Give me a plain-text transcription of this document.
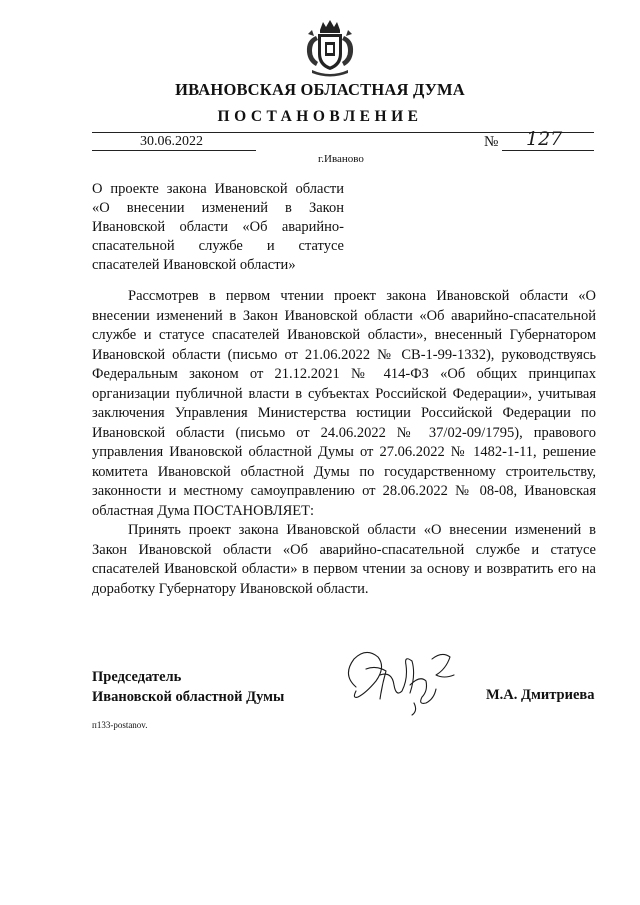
ИВАНОВСКАЯ ОБЛАСТНАЯ ДУМА
ПОСТАНОВЛЕНИЕ
30.06.2022	№ 127
г.Иваново
О проекте закона Ивановской области «О внесении изменений в Закон Ивановской области «Об аварийно-спасательной службе и статусе спасателей Ивановской области»

Рассмотрев в первом чтении проект закона Ивановской области «О внесении изменений в Закон Ивановской области «Об аварийно-спасательной службе и статусе спасателей Ивановской области», внесенный Губернатором Ивановской области (письмо от 21.06.2022 № СВ-1-99-1332), руководствуясь Федеральным законом от 21.12.2021 № 414-ФЗ «Об общих принципах организации публичной власти в субъектах Российской Федерации», учитывая заключения Управления Министерства юстиции Российской Федерации по Ивановской области (письмо от 24.06.2022 № 37/02-09/1795), правового управления Ивановской областной Думы от 27.06.2022 № 1482-1-11, решение комитета Ивановской областной Думы по государственному строительству, законности и местному самоуправлению от 28.06.2022 № 08-08, Ивановская областная Дума ПОСТАНОВЛЯЕТ:

Принять проект закона Ивановской области «О внесении изменений в Закон Ивановской области «Об аварийно-спасательной службе и статусе спасателей Ивановской области» в первом чтении за основу и возвратить его на доработку Губернатору Ивановской области.

Председатель
Ивановской областной Думы	М.А. Дмитриева
п133-postanov.
